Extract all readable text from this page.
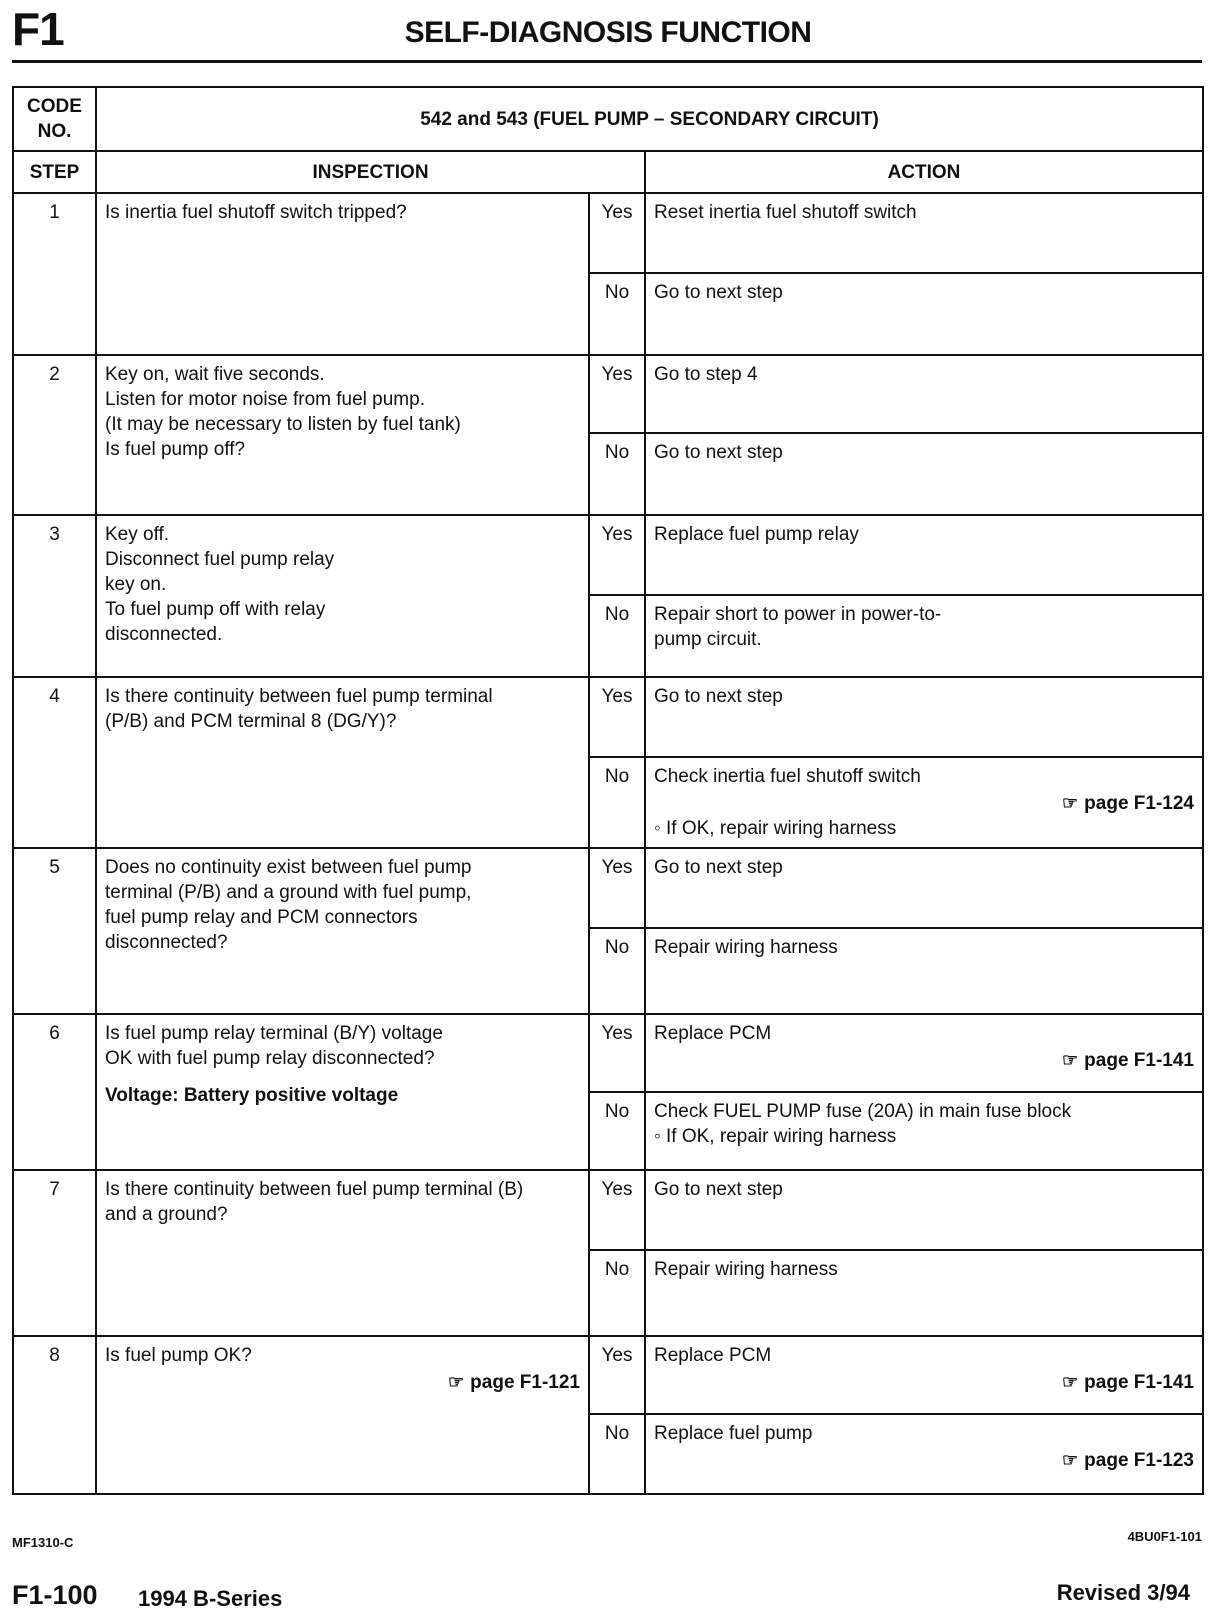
F1	SELF-DIAGNOSIS FUNCTION
CODE NO.	542 and 543 (FUEL PUMP – SECONDARY CIRCUIT)		
STEP	INSPECTION		ACTION
1	Is inertia fuel shutoff switch tripped?	Yes	Reset inertia fuel shutoff switch

		No	Go to next step

2	Key on, wait five seconds.
Listen for motor noise from fuel pump.
(It may be necessary to listen by fuel tank)
Is fuel pump off?	Yes	Go to step 4

		No	Go to next step

3	Key off.
Disconnect fuel pump relay
key on.
To fuel pump off with relay
disconnected.	Yes	Replace fuel pump relay

		No	Repair short to power in power-to-
pump circuit.

4	Is there continuity between fuel pump terminal
(P/B) and PCM terminal 8 (DG/Y)?	Yes	Go to next step

		No	Check inertia fuel shutoff switch
☞ page F1-124
◦ If OK, repair wiring harness

5	Does no continuity exist between fuel pump
terminal (P/B) and a ground with fuel pump,
fuel pump relay and PCM connectors
disconnected?	Yes	Go to next step

		No	Repair wiring harness

6	Is fuel pump relay terminal (B/Y) voltage
OK with fuel pump relay disconnected?
Voltage: Battery positive voltage	Yes	Replace PCM
☞ page F1-141

		No	Check FUEL PUMP fuse (20A) in main fuse block
◦ If OK, repair wiring harness

7	Is there continuity between fuel pump terminal (B)
and a ground?	Yes	Go to next step

		No	Repair wiring harness

8	Is fuel pump OK?
☞ page F1-121	Yes	Replace PCM
☞ page F1-141

		No	Replace fuel pump
☞ page F1-123
MF1310-C	4BU0F1-101
F1-100 1994 B-Series	Revised 3/94
